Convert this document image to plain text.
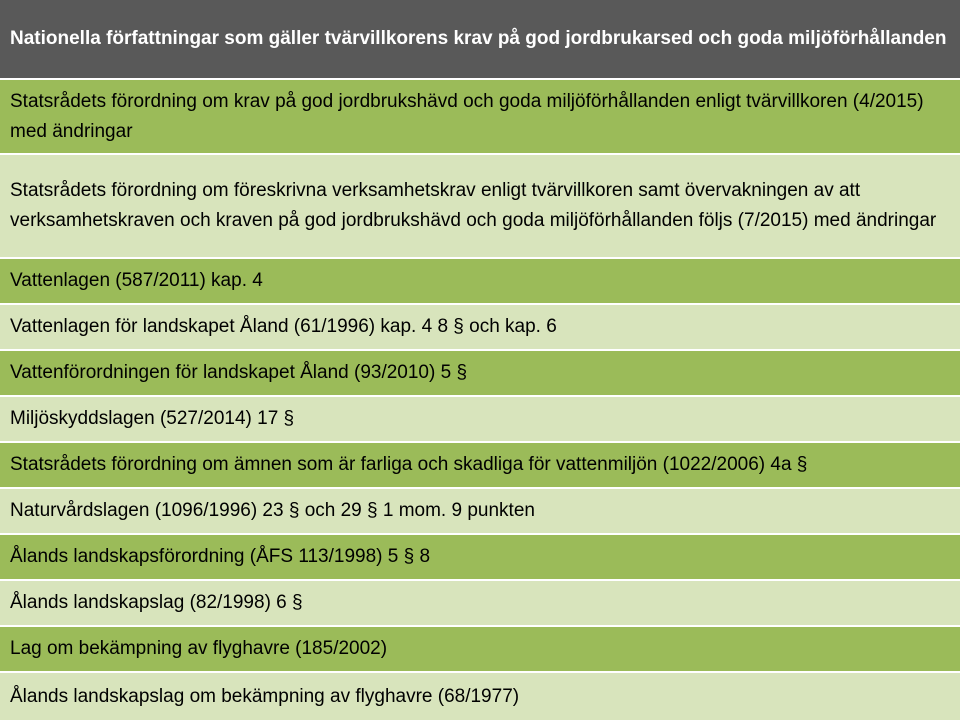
Nationella författningar som gäller tvärvillkorens krav på god jordbrukarsed och goda miljöförhållanden
Statsrådets förordning om krav på god jordbrukshävd och goda miljöförhållanden enligt tvärvillkoren (4/2015) med ändringar
Statsrådets förordning om föreskrivna verksamhetskrav enligt tvärvillkoren samt övervakningen av att verksamhetskraven och kraven på god jordbrukshävd och goda miljöförhållanden följs (7/2015) med ändringar
Vattenlagen (587/2011) kap. 4
Vattenlagen för landskapet Åland (61/1996) kap. 4 8 § och kap. 6
Vattenförordningen för landskapet Åland (93/2010) 5 §
Miljöskyddslagen (527/2014) 17 §
Statsrådets förordning om ämnen som är farliga och skadliga för vattenmiljön (1022/2006) 4a §
Naturvårdslagen (1096/1996) 23 § och 29 § 1 mom. 9 punkten
Ålands landskapsförordning (ÅFS 113/1998) 5 § 8
Ålands landskapslag (82/1998) 6 §
Lag om bekämpning av flyghavre (185/2002)
Ålands landskapslag om bekämpning av flyghavre (68/1977)
